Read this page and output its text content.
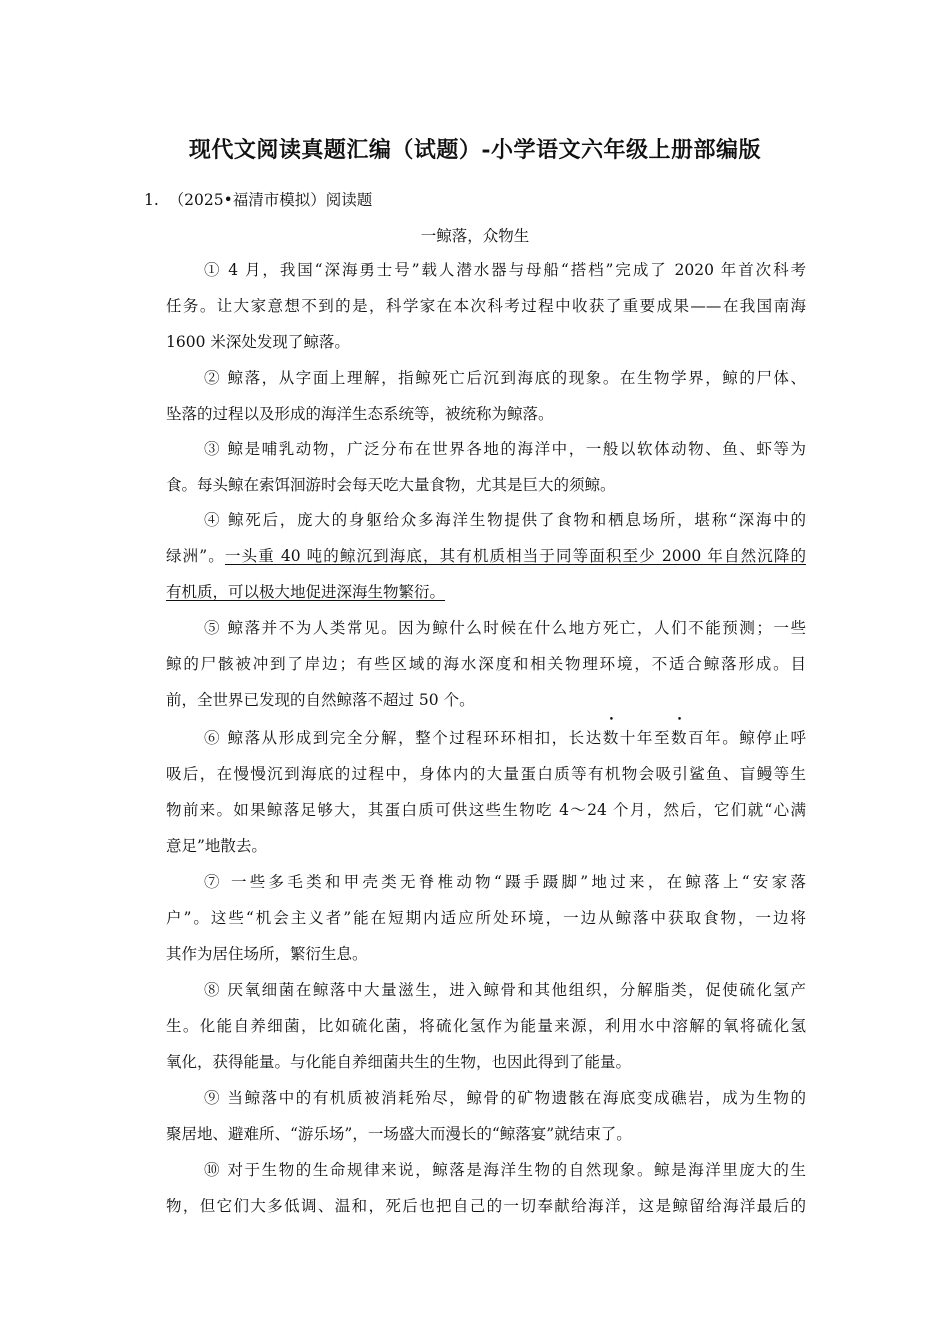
现代文阅读真题汇编（试题）-小学语文六年级上册部编版
1. （2025•福清市模拟）阅读题
一鲸落，众物生
① 4 月，我国“深海勇士号”载人潜水器与母船“搭档”完成了 2020 年首次科考
任务。让大家意想不到的是，科学家在本次科考过程中收获了重要成果——在我国南海
1600 米深处发现了鲸落。
② 鲸落，从字面上理解，指鲸死亡后沉到海底的现象。在生物学界，鲸的尸体、
坠落的过程以及形成的海洋生态系统等，被统称为鲸落。
③ 鲸是哺乳动物，广泛分布在世界各地的海洋中，一般以软体动物、鱼、虾等为
食。每头鲸在索饵洄游时会每天吃大量食物，尤其是巨大的须鲸。
④ 鲸死后，庞大的身躯给众多海洋生物提供了食物和栖息场所，堪称“深海中的
绿洲”。一头重 40 吨的鲸沉到海底，其有机质相当于同等面积至少 2000 年自然沉降的
有机质，可以极大地促进深海生物繁衍。
⑤ 鲸落并不为人类常见。因为鲸什么时候在什么地方死亡，人们不能预测；一些
鲸的尸骸被冲到了岸边；有些区域的海水深度和相关物理环境，不适合鲸落形成。目
前，全世界已发现的自然鲸落不超过 50 个。
⑥ 鲸落从形成到完全分解，整个过程环环相扣，长达数十年至数百年。鲸停止呼
吸后，在慢慢沉到海底的过程中，身体内的大量蛋白质等有机物会吸引鲨鱼、盲鳗等生
物前来。如果鲸落足够大，其蛋白质可供这些生物吃 4～24 个月，然后，它们就“心满
意足”地散去。
⑦ 一些多毛类和甲壳类无脊椎动物“蹑手蹑脚”地过来，在鲸落上“安家落
户”。这些“机会主义者”能在短期内适应所处环境，一边从鲸落中获取食物，一边将
其作为居住场所，繁衍生息。
⑧ 厌氧细菌在鲸落中大量滋生，进入鲸骨和其他组织，分解脂类，促使硫化氢产
生。化能自养细菌，比如硫化菌，将硫化氢作为能量来源，利用水中溶解的氧将硫化氢
氧化，获得能量。与化能自养细菌共生的生物，也因此得到了能量。
⑨ 当鲸落中的有机质被消耗殆尽，鲸骨的矿物遗骸在海底变成礁岩，成为生物的
聚居地、避难所、“游乐场”，一场盛大而漫长的“鲸落宴”就结束了。
⑩ 对于生物的生命规律来说，鲸落是海洋生物的自然现象。鲸是海洋里庞大的生
物，但它们大多低调、温和，死后也把自己的一切奉献给海洋，这是鲸留给海洋最后的
